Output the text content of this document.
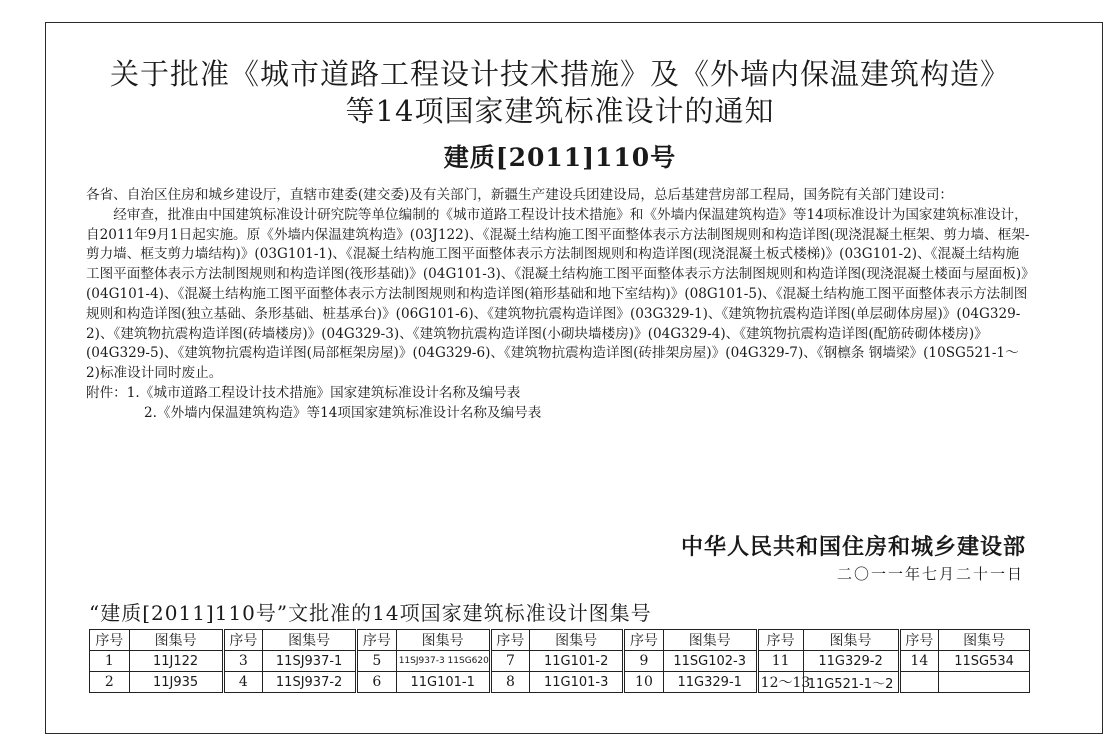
关于批准《城市道路工程设计技术措施》及《外墙内保温建筑构造》
等14项国家建筑标准设计的通知
建质[2011]110号

各省、自治区住房和城乡建设厅，直辖市建委(建交委)及有关部门，新疆生产建设兵团建设局，总后基建营房部工程局，国务院有关部门建设司：

经审查，批准由中国建筑标准设计研究院等单位编制的《城市道路工程设计技术措施》和《外墙内保温建筑构造》等14项标准设计为国家建筑标准设计，自2011年9月1日起实施。原《外墙内保温建筑构造》(03J122)、《混凝土结构施工图平面整体表示方法制图规则和构造详图(现浇混凝土框架、剪力墙、框架-剪力墙、框支剪力墙结构)》(03G101-1)、《混凝土结构施工图平面整体表示方法制图规则和构造详图(现浇混凝土板式楼梯)》(03G101-2)、《混凝土结构施工图平面整体表示方法制图规则和构造详图(筏形基础)》(04G101-3)、《混凝土结构施工图平面整体表示方法制图规则和构造详图(现浇混凝土楼面与屋面板)》(04G101-4)、《混凝土结构施工图平面整体表示方法制图规则和构造详图(箱形基础和地下室结构)》(08G101-5)、《混凝土结构施工图平面整体表示方法制图规则和构造详图(独立基础、条形基础、桩基承台)》(06G101-6)、《建筑物抗震构造详图》(03G329-1)、《建筑物抗震构造详图(单层砌体房屋)》(04G329-2)、《建筑物抗震构造详图(砖墙楼房)》(04G329-3)、《建筑物抗震构造详图(小砌块墙楼房)》(04G329-4)、《建筑物抗震构造详图(配筋砖砌体楼房)》(04G329-5)、《建筑物抗震构造详图(局部框架房屋)》(04G329-6)、《建筑物抗震构造详图(砖排架房屋)》(04G329-7)、《钢檩条 钢墙梁》(10SG521-1～2)标准设计同时废止。

附件：1.《城市道路工程设计技术措施》国家建筑标准设计名称及编号表

2.《外墙内保温建筑构造》等14项国家建筑标准设计名称及编号表

中华人民共和国住房和城乡建设部
二〇一一年七月二十一日
“建质[2011]110号”文批准的14项国家建筑标准设计图集号
序号	图集号	序号	图集号	序号	图集号	序号	图集号	序号	图集号	序号	图集号	序号	图集号
1	11J122	3	11SJ937-1	5	11SJ937-3 11SG620	7	11G101-2	9	11SG102-3	11	11G329-2	14	11SG534
2	11J935	4	11SJ937-2	6	11G101-1	8	11G101-3	10	11G329-1	12～13	11G521-1～2		
